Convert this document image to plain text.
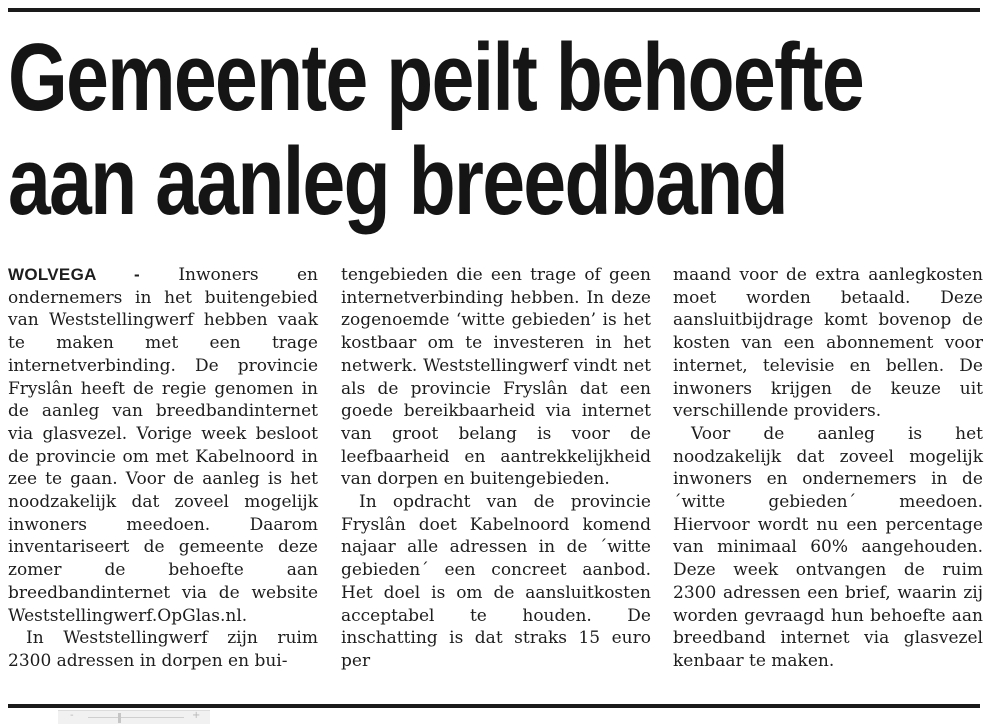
Gemeente peilt behoefte
aan aanleg breedband

WOLVEGA - Inwoners en ondernemers in het buitengebied van Weststellingwerf hebben vaak te maken met een trage internetverbinding. De provincie Fryslân heeft de regie genomen in de aanleg van breedbandinternet via glasvezel. Vorige week besloot de provincie om met Kabelnoord in zee te gaan. Voor de aanleg is het noodzakelijk dat zoveel mogelijk inwoners meedoen. Daarom inventariseert de gemeente deze zomer de behoefte aan breedbandinternet via de website Weststellingwerf.OpGlas.nl.

In Weststellingwerf zijn ruim 2300 adressen in dorpen en bui-

tengebieden die een trage of geen internetverbinding hebben. In deze zogenoemde ‘witte gebieden’ is het kostbaar om te investeren in het netwerk. Weststellingwerf vindt net als de provincie Fryslân dat een goede bereikbaarheid via internet van groot belang is voor de leefbaarheid en aantrekkelijkheid van dorpen en buitengebieden.

In opdracht van de provincie Fryslân doet Kabelnoord komend najaar alle adressen in de ´witte gebieden´ een concreet aanbod. Het doel is om de aansluitkosten acceptabel te houden. De inschatting is dat straks 15 euro per

maand voor de extra aanlegkosten moet worden betaald. Deze aansluitbijdrage komt bovenop de kosten van een abonnement voor internet, televisie en bellen. De inwoners krijgen de keuze uit verschillende providers.

Voor de aanleg is het noodzakelijk dat zoveel mogelijk inwoners en ondernemers in de ´witte gebieden´ meedoen. Hiervoor wordt nu een percentage van minimaal 60% aangehouden. Deze week ontvangen de ruim 2300 adressen een brief, waarin zij worden gevraagd hun behoefte aan breedband internet via glasvezel kenbaar te maken.

-	+
